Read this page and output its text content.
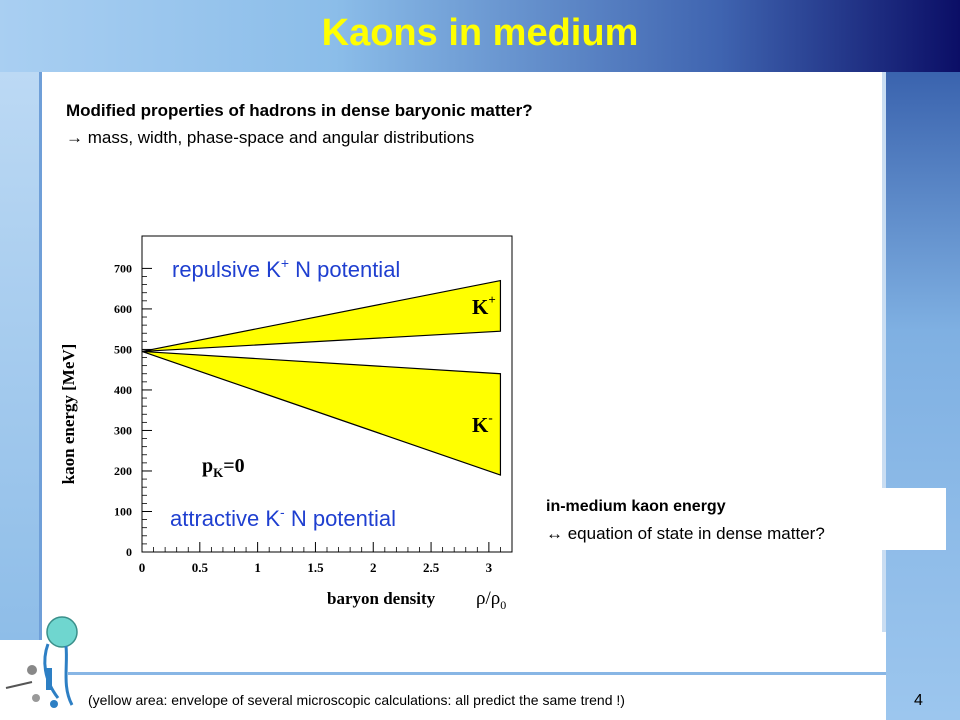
Kaons in medium
Modified properties of hadrons in dense baryonic matter?
→ mass, width, phase-space and angular distributions
0
100
200
300
400
500
600
700
0	0.5	1	1.5	2	2.5	3
kaon energy [MeV]
baryon density $\rho/\rho_0$
K+
K-
$p_K=0$
repulsive K+ N potential
attractive K- N potential	in-medium kaon energy
↔ equation of state in dense matter?
(yellow area: envelope of several microscopic calculations: all predict the same trend !)	4
